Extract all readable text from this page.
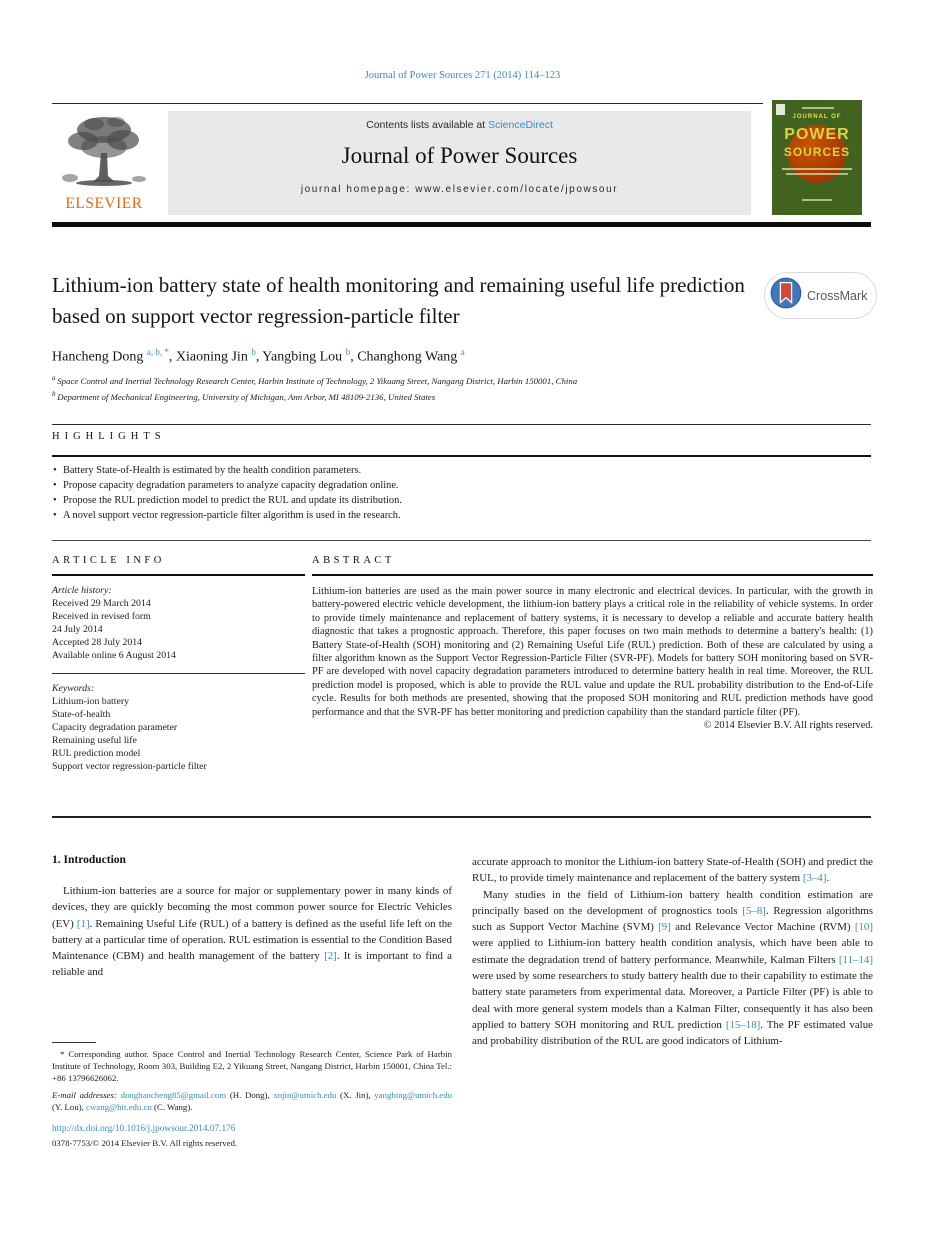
Journal of Power Sources 271 (2014) 114–123
ELSEVIER
Contents lists available at ScienceDirect
Journal of Power Sources
journal homepage: www.elsevier.com/locate/jpowsour
JOURNAL OF
POWER
SOURCES
Lithium-ion battery state of health monitoring and remaining useful life prediction based on support vector regression-particle filter
CrossMark
Hancheng Dong $^{a, b, *}$, Xiaoning Jin $^b$, Yangbing Lou $^b$, Changhong Wang $^a$
$^a$ Space Control and Inertial Technology Research Center, Harbin Institute of Technology, 2 Yikuang Street, Nangang District, Harbin 150001, China
$^b$ Department of Mechanical Engineering, University of Michigan, Ann Arbor, MI 48109-2136, United States
HIGHLIGHTS
• Battery State-of-Health is estimated by the health condition parameters.
• Propose capacity degradation parameters to analyze capacity degradation online.
• Propose the RUL prediction model to predict the RUL and update its distribution.
• A novel support vector regression-particle filter algorithm is used in the research.
ARTICLE INFO
Article history:
Received 29 March 2014
Received in revised form
24 July 2014
Accepted 28 July 2014
Available online 6 August 2014
Keywords:
Lithium-ion battery
State-of-health
Capacity degradation parameter
Remaining useful life
RUL prediction model
Support vector regression-particle filter
ABSTRACT
Lithium-ion batteries are used as the main power source in many electronic and electrical devices. In particular, with the growth in battery-powered electric vehicle development, the lithium-ion battery plays a critical role in the reliability of vehicle systems. In order to provide timely maintenance and replacement of battery systems, it is necessary to develop a reliable and accurate battery health diagnostic that takes a prognostic approach. Therefore, this paper focuses on two main methods to determine a battery's health: (1) Battery State-of-Health (SOH) monitoring and (2) Remaining Useful Life (RUL) prediction. Both of these are calculated by using a filter algorithm known as the Support Vector Regression-Particle Filter (SVR-PF). Models for battery SOH monitoring based on SVR-PF are developed with novel capacity degradation parameters introduced to determine battery health in real time. Moreover, the RUL prediction model is proposed, which is able to provide the RUL value and update the RUL probability distribution to the End-of-Life cycle. Results for both methods are presented, showing that the proposed SOH monitoring and RUL prediction methods have good performance and that the SVR-PF has better monitoring and prediction capability than the standard particle filter (PF).
© 2014 Elsevier B.V. All rights reserved.
1. Introduction

Lithium-ion batteries are a source for major or supplementary power in many kinds of devices, they are quickly becoming the most common power source for Electric Vehicles (EV) [1]. Remaining Useful Life (RUL) of a battery is defined as the useful life left on the battery at a particular time of operation. RUL estimation is essential to the Condition Based Maintenance (CBM) and health management of the battery [2]. It is important to find a reliable and

accurate approach to monitor the Lithium-ion battery State-of-Health (SOH) and predict the RUL, to provide timely maintenance and replacement of the battery system [3–4].

Many studies in the field of Lithium-ion battery health condition estimation are principally based on the development of prognostics tools [5–8]. Regression algorithms such as Support Vector Machine (SVM) [9] and Relevance Vector Machine (RVM) [10] were applied to Lithium-ion battery health condition analysis, which have been able to estimate the degradation trend of battery performance. Meanwhile, Kalman Filters [11–14] were used by some researchers to study battery health due to their capability to estimate the battery state parameters from experimental data. Moreover, a Particle Filter (PF) is able to deal with more general system models than a Kalman Filter, consequently it has also been applied to battery SOH monitoring and RUL prediction [15–18]. The PF estimated value and probability distribution of the RUL are good indicators of Lithium-

* Corresponding author. Space Control and Inertial Technology Research Center, Science Park of Harbin Institute of Technology, Room 303, Building E2, 2 Yikuang Street, Nangang District, Harbin 150001, China Tel.: +86 13796626062.
E-mail addresses: donghancheng85@gmail.com (H. Dong), xnjin@umich.edu (X. Jin), yangbing@umich.edu (Y. Lou), cwang@hit.edu.cn (C. Wang).
http://dx.doi.org/10.1016/j.jpowsour.2014.07.176
0378-7753/© 2014 Elsevier B.V. All rights reserved.
